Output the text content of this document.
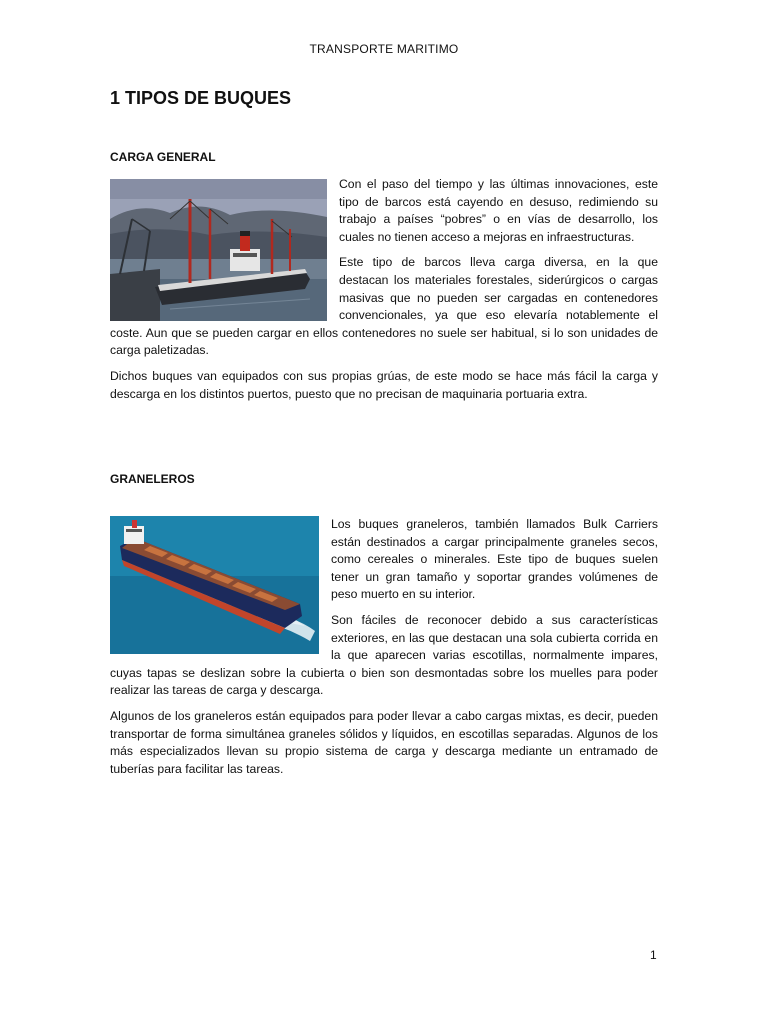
TRANSPORTE MARITIMO
1 TIPOS DE BUQUES
CARGA GENERAL

Con el paso del tiempo y las últimas innovaciones, este tipo de barcos está cayendo en desuso, redimiendo su trabajo a países “pobres” o en vías de desarrollo, los cuales no tienen acceso a mejoras en infraestructuras.

Este tipo de barcos lleva carga diversa, en la que destacan los materiales forestales, siderúrgicos o cargas masivas que no pueden ser cargadas en contenedores convencionales, ya que eso elevaría notablemente el coste. Aun que se pueden cargar en ellos contenedores no suele ser habitual, si lo son unidades de carga paletizadas.

Dichos buques van equipados con sus propias grúas, de este modo se hace más fácil la carga y descarga en los distintos puertos, puesto que no precisan de maquinaria portuaria extra.

GRANELEROS

Los buques graneleros, también llamados Bulk Carriers están destinados a cargar principalmente graneles secos, como cereales o minerales. Este tipo de buques suelen tener un gran tamaño y soportar grandes volúmenes de peso muerto en su interior.

Son fáciles de reconocer debido a sus características exteriores, en las que destacan una sola cubierta corrida en la que aparecen varias escotillas, normalmente impares, cuyas tapas se deslizan sobre la cubierta o bien son desmontadas sobre los muelles para poder realizar las tareas de carga y descarga.

Algunos de los graneleros están equipados para poder llevar a cabo cargas mixtas, es decir, pueden transportar de forma simultánea graneles sólidos y líquidos, en escotillas separadas. Algunos de los más especializados llevan su propio sistema de carga y descarga mediante un entramado de tuberías para facilitar las tareas.

1
